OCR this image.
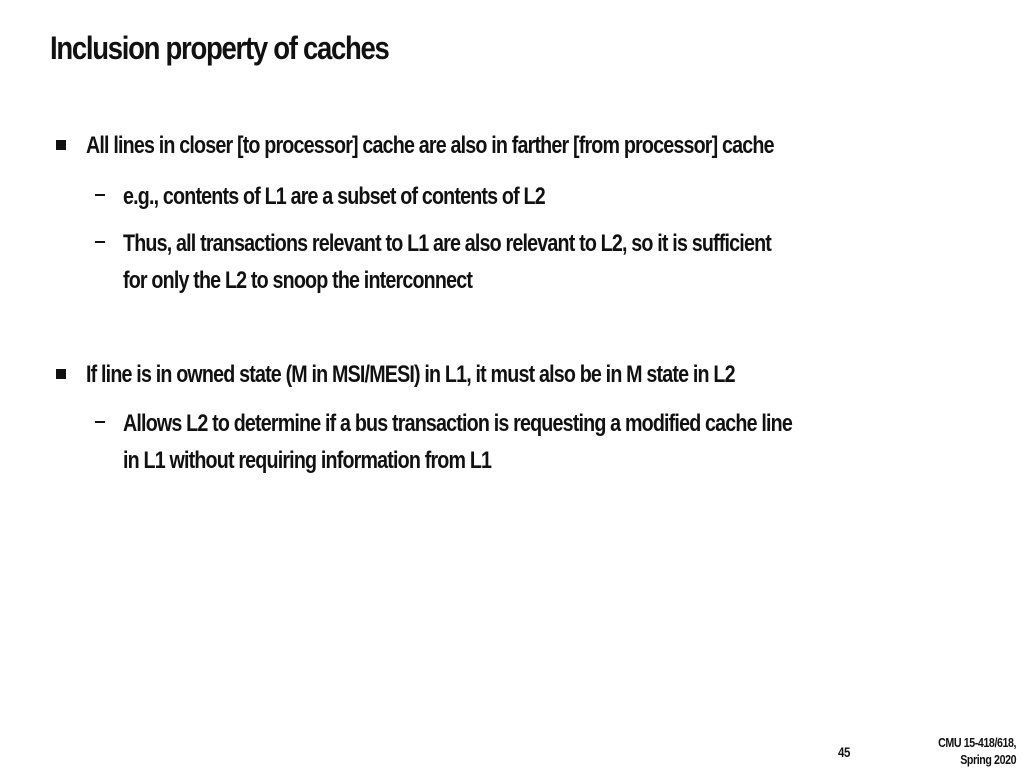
Inclusion property of caches
All lines in closer [to processor] cache are also in farther [from processor] cache
e.g., contents of L1 are a subset of contents of L2
Thus, all transactions relevant to L1 are also relevant to L2, so it is sufficient
for only the L2 to snoop the interconnect
If line is in owned state (M in MSI/MESI) in L1, it must also be in M state in L2
Allows L2 to determine if a bus transaction is requesting a modified cache line
in L1 without requiring information from L1
45
CMU 15-418/618,
Spring 2020
